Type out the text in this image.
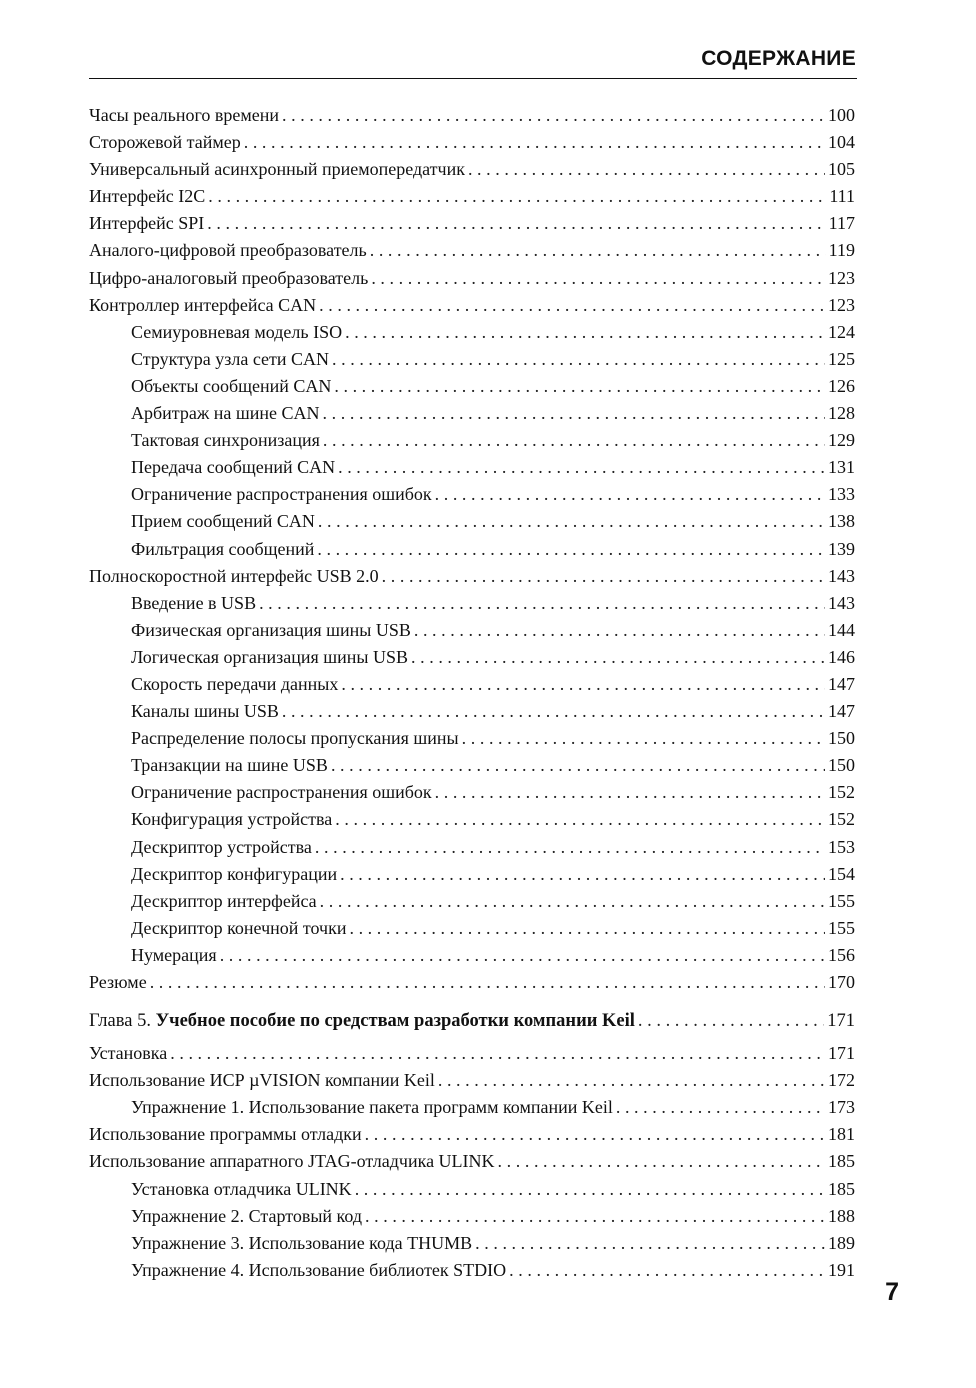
СОДЕРЖАНИЕ
Часы реального времени .....	100
Сторожевой таймер .....	104
Универсальный асинхронный приемопередатчик .....	105
Интерфейс I2C .....	111
Интерфейс SPI .....	117
Аналого-цифровой преобразователь .....	119
Цифро-аналоговый преобразователь .....	123
Контроллер интерфейса CAN .....	123
Семиуровневая модель ISO .....	124
Структура узла сети CAN .....	125
Объекты сообщений CAN .....	126
Арбитраж на шине CAN .....	128
Тактовая синхронизация .....	129
Передача сообщений CAN .....	131
Ограничение распространения ошибок .....	133
Прием сообщений CAN .....	138
Фильтрация сообщений .....	139
Полноскоростной интерфейс USB 2.0 .....	143
Введение в USB .....	143
Физическая организация шины USB .....	144
Логическая организация шины USB .....	146
Скорость передачи данных .....	147
Каналы шины USB .....	147
Распределение полосы пропускания шины .....	150
Транзакции на шине USB .....	150
Ограничение распространения ошибок .....	152
Конфигурация устройства .....	152
Дескриптор устройства .....	153
Дескриптор конфигурации .....	154
Дескриптор интерфейса .....	155
Дескриптор конечной точки .....	155
Нумерация .....	156
Резюме .....	170
Глава 5. Учебное пособие по средствам разработки компании Keil .....	171
Установка .....	171
Использование ИСР µVISION компании Keil .....	172
Упражнение 1. Использование пакета программ компании Keil .....	173
Использование программы отладки .....	181
Использование аппаратного JTAG-отладчика ULINK .....	185
Установка отладчика ULINK .....	185
Упражнение 2. Стартовый код .....	188
Упражнение 3. Использование кода THUMB .....	189
Упражнение 4. Использование библиотек STDIO .....	191
7
